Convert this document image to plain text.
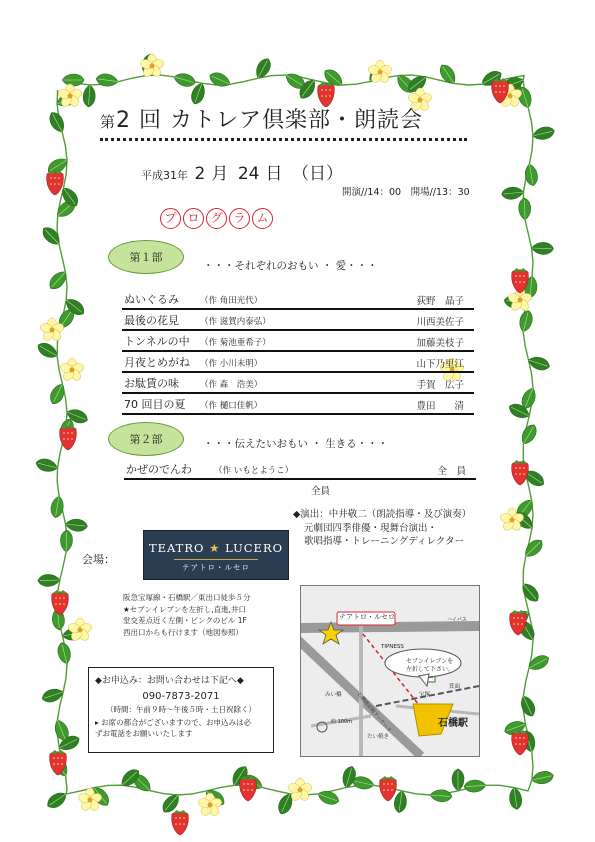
第2 回 カトレア倶楽部・朗読会
平成31年 2 月 24 日 （日）
開演//14：00　開場//13：30
プ ロ グ ラ ム
第１部
・・・それぞれのおもい ・ 愛・・・
ぬいぐるみ （作 角田光代）	荻野　晶子
最後の花見 （作 滋賀内泰弘）	川西美佐子
トンネルの中 （作 菊池亜希子）	加藤美枝子
月夜とめがね （作 小川未明）	山下乃里江
お駄賃の味 （作 森　浩美）	手賀　広子
70 回目の夏 （作 樋口佳帆）	豊田　　清
第２部	・・・伝えたいおもい ・ 生きる・・・
かぜのでんわ	（作 いもとようこ）	全　員
全員
◆演出：中井敬二（朗読指導・及び演奏）
元劇団四季俳優・現舞台演出・
歌唱指導・トレーニングディレクター
会場：
TEATRO ★ LUCERO
テアトロ・ルセロ
阪急宝塚線・石橋駅／東出口徒歩５分
★セブンイレブンを左折し,直進,井口
堂交差点近く左側・ピンクのビル 1F
西出口からも行けます（地図参照）
テアトロ・ルセロ
TIPNESS
セブンイレブンを
左折して下さい。
石橋駅
みい橋	宝塚
箕面
たい焼き
石橋商店街アーケード
約 100m
ハイパス
◆お申込み：お問い合わせは下記へ◆
090-7873-2071
（時間：午前９時～午後５時・土日祝除く）
▸ お席の都合がございますので、お申込みは必
ずお電話をお願いいたします
